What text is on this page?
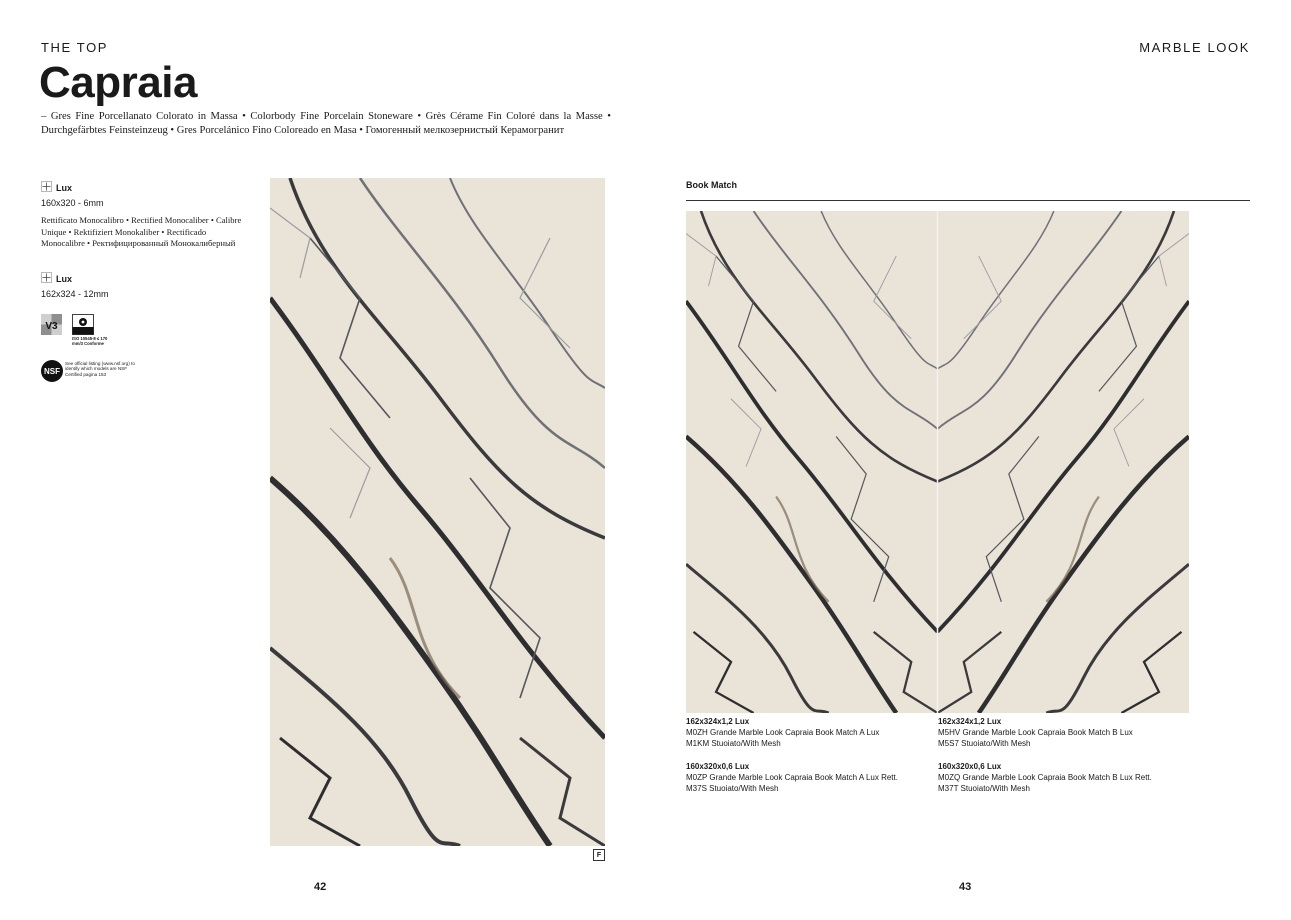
THE TOP	MARBLE LOOK
Capraia

– Gres Fine Porcellanato Colorato in Massa • Colorbody Fine Porcelain Stoneware • Grès Cérame Fin Coloré dans la Masse • Durchgefärbtes Feinsteinzeug • Gres Porcelánico Fino Coloreado en Masa • Гомогенный мелкозернистый Керамогранит

Lux
160x320 - 6mm

Rettificato Monocalibro • Rectified Monocaliber • Calibre Unique • Rektifiziert Monokaliber • Rectificado Monocalibre • Ректифицированный Монокалиберный

Lux
162x324 - 12mm
V3
ISO 10545-8 ≤ 170 mm/3 Conforme
NSF
See official listing (www.nsf.org) to identify which models are NSF Certified pagina 153
F
Book Match
162x324x1,2 Lux
M0ZH Grande Marble Look Capraia Book Match A Lux
M1KM Stuoiato/With Mesh
162x324x1,2 Lux
M5HV Grande Marble Look Capraia Book Match B Lux
M5S7 Stuoiato/With Mesh
160x320x0,6 Lux
M0ZP Grande Marble Look Capraia Book Match A Lux Rett.
M37S Stuoiato/With Mesh
160x320x0,6 Lux
M0ZQ Grande Marble Look Capraia Book Match B Lux Rett.
M37T Stuoiato/With Mesh
42	43
